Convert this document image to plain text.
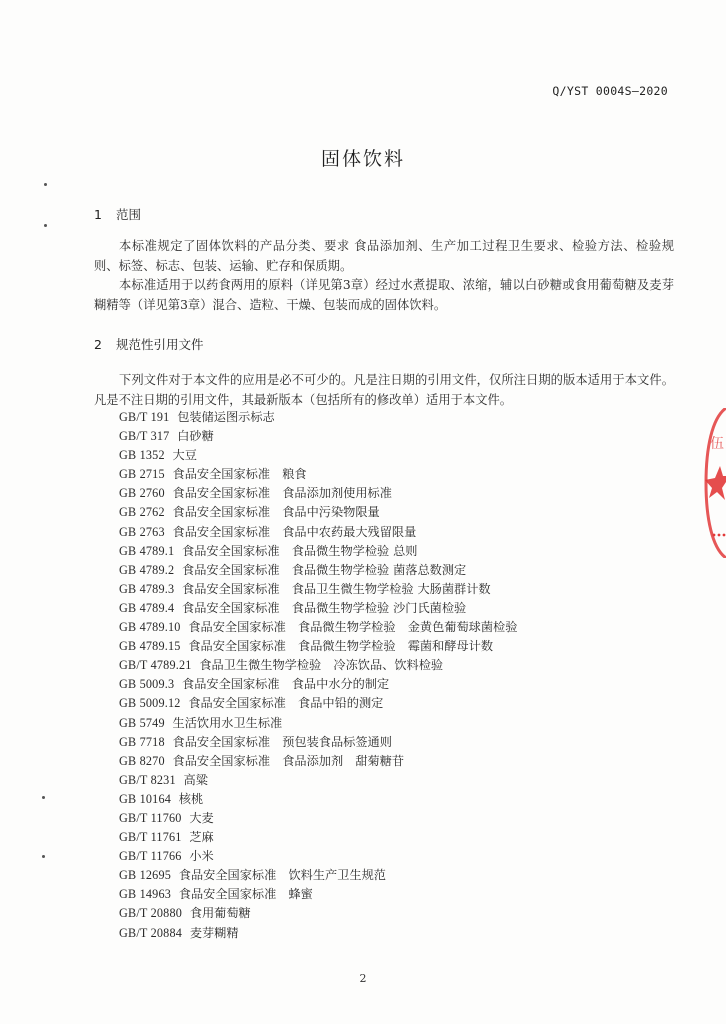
Q/YST 0004S—2020
固体饮料
1 范围
本标准规定了固体饮料的产品分类、要求 食品添加剂、生产加工过程卫生要求、检验方法、检验规则、标签、标志、包装、运输、贮存和保质期。
本标准适用于以药食两用的原料（详见第3章）经过水煮提取、浓缩，辅以白砂糖或食用葡萄糖及麦芽糊精等（详见第3章）混合、造粒、干燥、包装而成的固体饮料。
2 规范性引用文件
下列文件对于本文件的应用是必不可少的。凡是注日期的引用文件，仅所注日期的版本适用于本文件。凡是不注日期的引用文件，其最新版本（包括所有的修改单）适用于本文件。
GB/T 191 包装储运图示标志
GB/T 317 白砂糖
GB 1352 大豆
GB 2715 食品安全国家标准　粮食
GB 2760 食品安全国家标准　食品添加剂使用标准
GB 2762 食品安全国家标准　食品中污染物限量
GB 2763 食品安全国家标准　食品中农药最大残留限量
GB 4789.1 食品安全国家标准　食品微生物学检验 总则
GB 4789.2 食品安全国家标准　食品微生物学检验 菌落总数测定
GB 4789.3 食品安全国家标准　食品卫生微生物学检验 大肠菌群计数
GB 4789.4 食品安全国家标准　食品微生物学检验 沙门氏菌检验
GB 4789.10 食品安全国家标准　食品微生物学检验　金黄色葡萄球菌检验
GB 4789.15 食品安全国家标准　食品微生物学检验　霉菌和酵母计数
GB/T 4789.21 食品卫生微生物学检验　冷冻饮品、饮料检验
GB 5009.3 食品安全国家标准　食品中水分的制定
GB 5009.12 食品安全国家标准　食品中铅的测定
GB 5749 生活饮用水卫生标准
GB 7718 食品安全国家标准　预包装食品标签通则
GB 8270 食品安全国家标准　食品添加剂　甜菊糖苷
GB/T 8231 高粱
GB 10164 核桃
GB/T 11760 大麦
GB/T 11761 芝麻
GB/T 11766 小米
GB 12695 食品安全国家标准　饮料生产卫生规范
GB 14963 食品安全国家标准　蜂蜜
GB/T 20880 食用葡萄糖
GB/T 20884 麦芽糊精
2
伍
